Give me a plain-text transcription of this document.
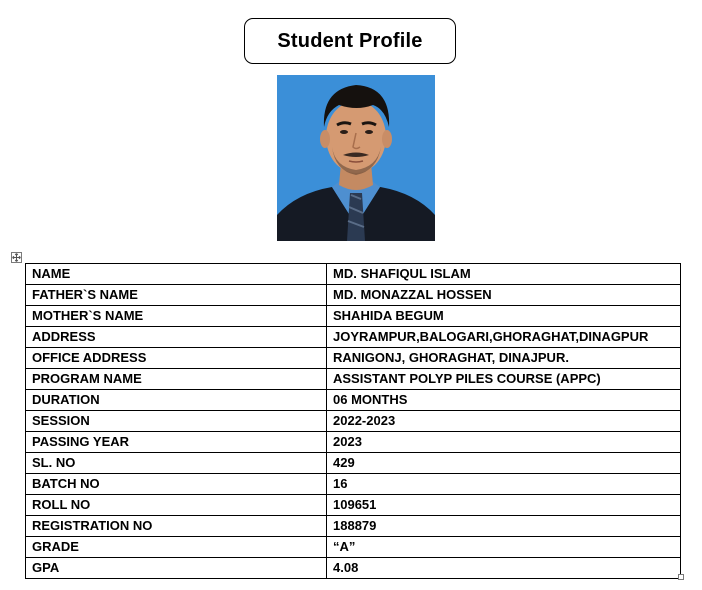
Student Profile
NAME	MD. SHAFIQUL ISLAM
FATHER`S NAME	MD. MONAZZAL HOSSEN
MOTHER`S NAME	SHAHIDA BEGUM
ADDRESS	JOYRAMPUR,BALOGARI,GHORAGHAT,DINAGPUR
OFFICE ADDRESS	RANIGONJ, GHORAGHAT, DINAJPUR.
PROGRAM NAME	ASSISTANT POLYP PILES COURSE (APPC)
DURATION	06 MONTHS
SESSION	2022-2023
PASSING YEAR	2023
SL. NO	429
BATCH NO	16
ROLL NO	109651
REGISTRATION NO	188879
GRADE	“A”
GPA	4.08
